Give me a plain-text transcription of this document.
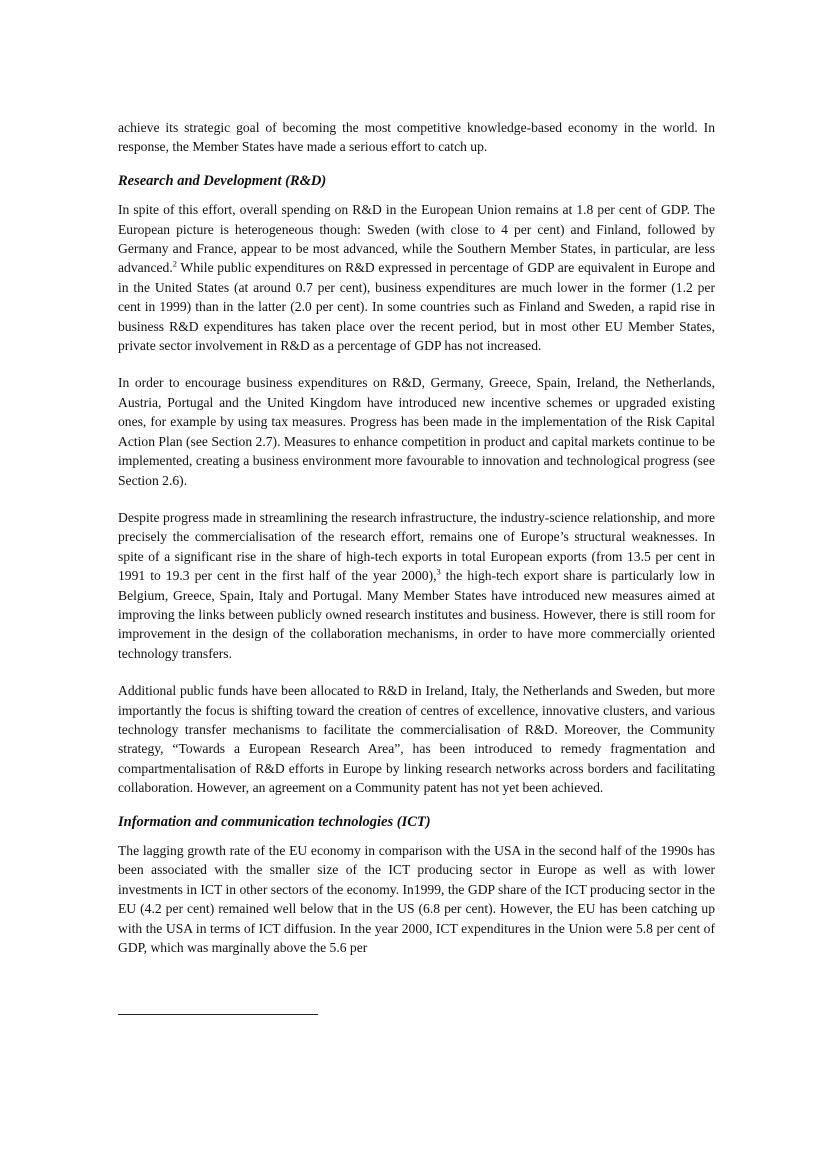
achieve its strategic goal of becoming the most competitive knowledge-based economy in the world. In response, the Member States have made a serious effort to catch up.

Research and Development (R&D)

In spite of this effort, overall spending on R&D in the European Union remains at 1.8 per cent of GDP. The European picture is heterogeneous though: Sweden (with close to 4 per cent) and Finland, followed by Germany and France, appear to be most advanced, while the Southern Member States, in particular, are less advanced.$^2$ While public expenditures on R&D expressed in percentage of GDP are equivalent in Europe and in the United States (at around 0.7 per cent), business expenditures are much lower in the former (1.2 per cent in 1999) than in the latter (2.0 per cent). In some countries such as Finland and Sweden, a rapid rise in business R&D expenditures has taken place over the recent period, but in most other EU Member States, private sector involvement in R&D as a percentage of GDP has not increased.

In order to encourage business expenditures on R&D, Germany, Greece, Spain, Ireland, the Netherlands, Austria, Portugal and the United Kingdom have introduced new incentive schemes or upgraded existing ones, for example by using tax measures. Progress has been made in the implementation of the Risk Capital Action Plan (see Section 2.7). Measures to enhance competition in product and capital markets continue to be implemented, creating a business environment more favourable to innovation and technological progress (see Section 2.6).

Despite progress made in streamlining the research infrastructure, the industry-science relationship, and more precisely the commercialisation of the research effort, remains one of Europe’s structural weaknesses. In spite of a significant rise in the share of high-tech exports in total European exports (from 13.5 per cent in 1991 to 19.3 per cent in the first half of the year 2000),$^3$ the high-tech export share is particularly low in Belgium, Greece, Spain, Italy and Portugal. Many Member States have introduced new measures aimed at improving the links between publicly owned research institutes and business. However, there is still room for improvement in the design of the collaboration mechanisms, in order to have more commercially oriented technology transfers.

Additional public funds have been allocated to R&D in Ireland, Italy, the Netherlands and Sweden, but more importantly the focus is shifting toward the creation of centres of excellence, innovative clusters, and various technology transfer mechanisms to facilitate the commercialisation of R&D. Moreover, the Community strategy, “Towards a European Research Area”, has been introduced to remedy fragmentation and compartmentalisation of R&D efforts in Europe by linking research networks across borders and facilitating collaboration. However, an agreement on a Community patent has not yet been achieved.

Information and communication technologies (ICT)

The lagging growth rate of the EU economy in comparison with the USA in the second half of the 1990s has been associated with the smaller size of the ICT producing sector in Europe as well as with lower investments in ICT in other sectors of the economy. In1999, the GDP share of the ICT producing sector in the EU (4.2 per cent) remained well below that in the US (6.8 per cent). However, the EU has been catching up with the USA in terms of ICT diffusion. In the year 2000, ICT expenditures in the Union were 5.8 per cent of GDP, which was marginally above the 5.6 per
